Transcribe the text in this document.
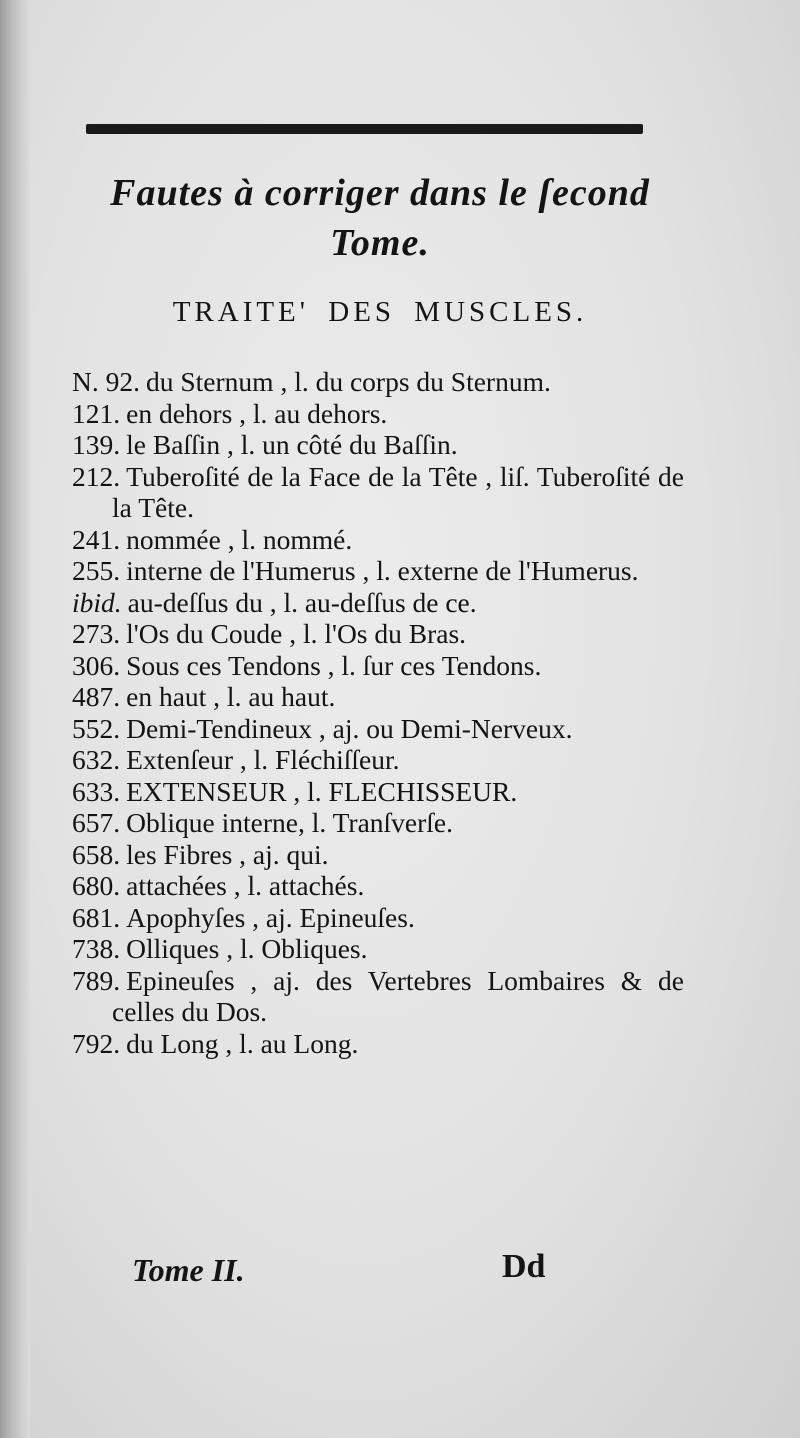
Fautes à corriger dans le ſecond
Tome.
TRAITE' DES MUSCLES.
N. 92. du Sternum , l. du corps du Sternum.
121. en dehors , l. au dehors.
139. le Baſſin , l. un côté du Baſſin.
212. Tuberoſité de la Face de la Tête , liſ. Tuberoſité de la Tête.
241. nommée , l. nommé.
255. interne de l'Humerus , l. externe de l'Humerus.
ibid. au-deſſus du , l. au-deſſus de ce.
273. l'Os du Coude , l. l'Os du Bras.
306. Sous ces Tendons , l. ſur ces Tendons.
487. en haut , l. au haut.
552. Demi-Tendineux , aj. ou Demi-Nerveux.
632. Extenſeur , l. Fléchiſſeur.
633. EXTENSEUR , l. FLECHISSEUR.
657. Oblique interne, l. Tranſverſe.
658. les Fibres , aj. qui.
680. attachées , l. attachés.
681. Apophyſes , aj. Epineuſes.
738. Olliques , l. Obliques.
789. Epineuſes , aj. des Vertebres Lombaires & de celles du Dos.
792. du Long , l. au Long.
Tome II.	Dd
